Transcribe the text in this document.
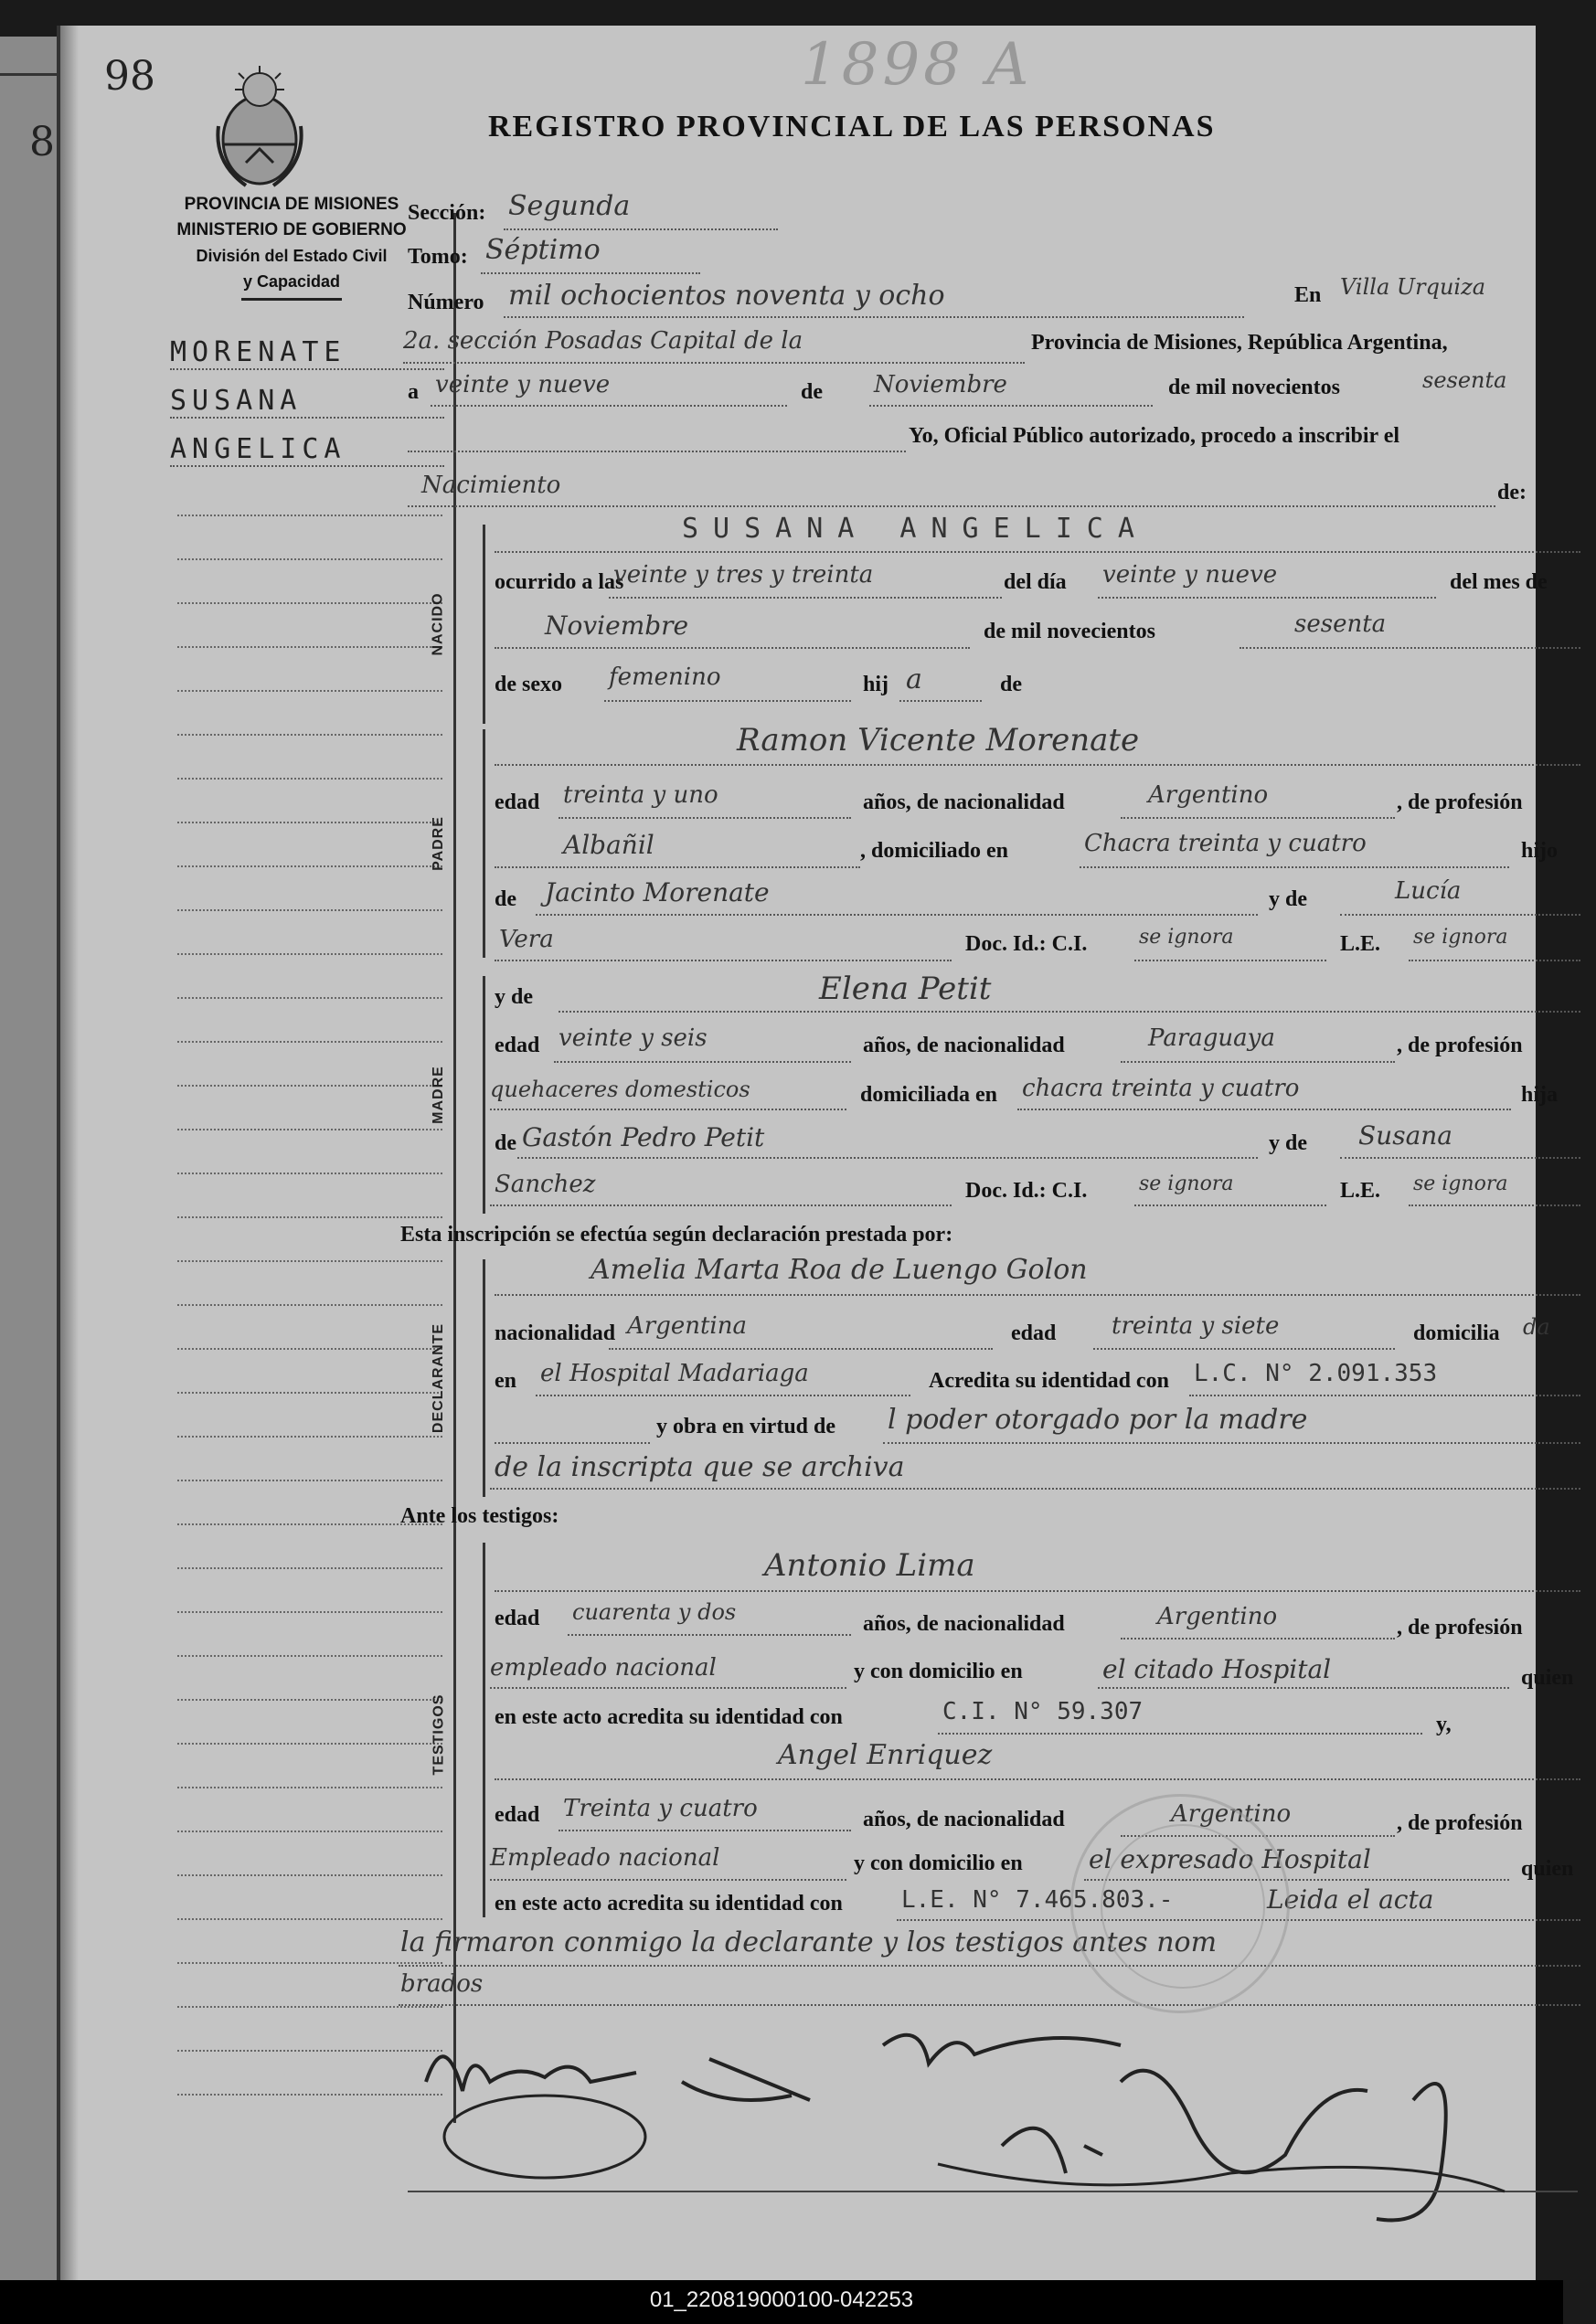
8
98	1898 A
REGISTRO PROVINCIAL DE LAS PERSONAS
PROVINCIA DE MISIONES
MINISTERIO DE GOBIERNO
División del Estado Civil
y Capacidad
MORENATE
SUSANA
ANGELICA
Sección: Segunda
Tomo: Séptimo
Número mil ochocientos noventa y ocho	En Villa Urquiza
2a. sección Posadas Capital de la	Provincia de Misiones, República Argentina,
a veinte y nueve	de Noviembre	de mil novecientos	sesenta
Yo, Oficial Público autorizado, procedo a inscribir el
Nacimiento	de:
NACIDO
SUSANA ANGELICA
ocurrido a las
veinte y tres y treinta	del día veinte y nueve	del mes de
Noviembre	de mil novecientos	sesenta
de sexo femenino	hij a	de
PADRE
Ramon Vicente Morenate
edad treinta y uno	años, de nacionalidad	Argentino	, de profesión
Albañil	, domiciliado en	Chacra treinta y cuatro	hijo
de Jacinto Morenate	y de	Lucía
Vera	Doc. Id.: C.I.	se ignora	L.E. se ignora
MADRE
y de	Elena Petit
edad veinte y seis	años, de nacionalidad	Paraguaya	, de profesión
quehaceres domesticos	domiciliada en chacra treinta y cuatro	hija
de Gastón Pedro Petit	y de Susana
Sanchez	Doc. Id.: C.I.	se ignora	L.E. se ignora
Esta inscripción se efectúa según declaración prestada por:
DECLARANTE
Amelia Marta Roa de Luengo Golon
nacionalidad Argentina	edad treinta y siete	domicilia da
en el Hospital Madariaga	Acredita su identidad con L.C. N° 2.091.353
y obra en virtud de l poder otorgado por la madre
de la inscripta que se archiva
Ante los testigos:
TESTIGOS
Antonio Lima
edad cuarenta y dos	años, de nacionalidad	Argentino	, de profesión
empleado nacional	y con domicilio en	el citado Hospital	quien
en este acto acredita su identidad con	C.I. N° 59.307	y,
Angel Enriquez
edad Treinta y cuatro	años, de nacionalidad	Argentino	, de profesión
Empleado nacional	y con domicilio en	el expresado Hospital	quien
en este acto acredita su identidad con L.E. N° 7.465.803.-	Leida el acta
la firmaron conmigo la declarante y los testigos antes nom
brados
01_220819000100-042253
